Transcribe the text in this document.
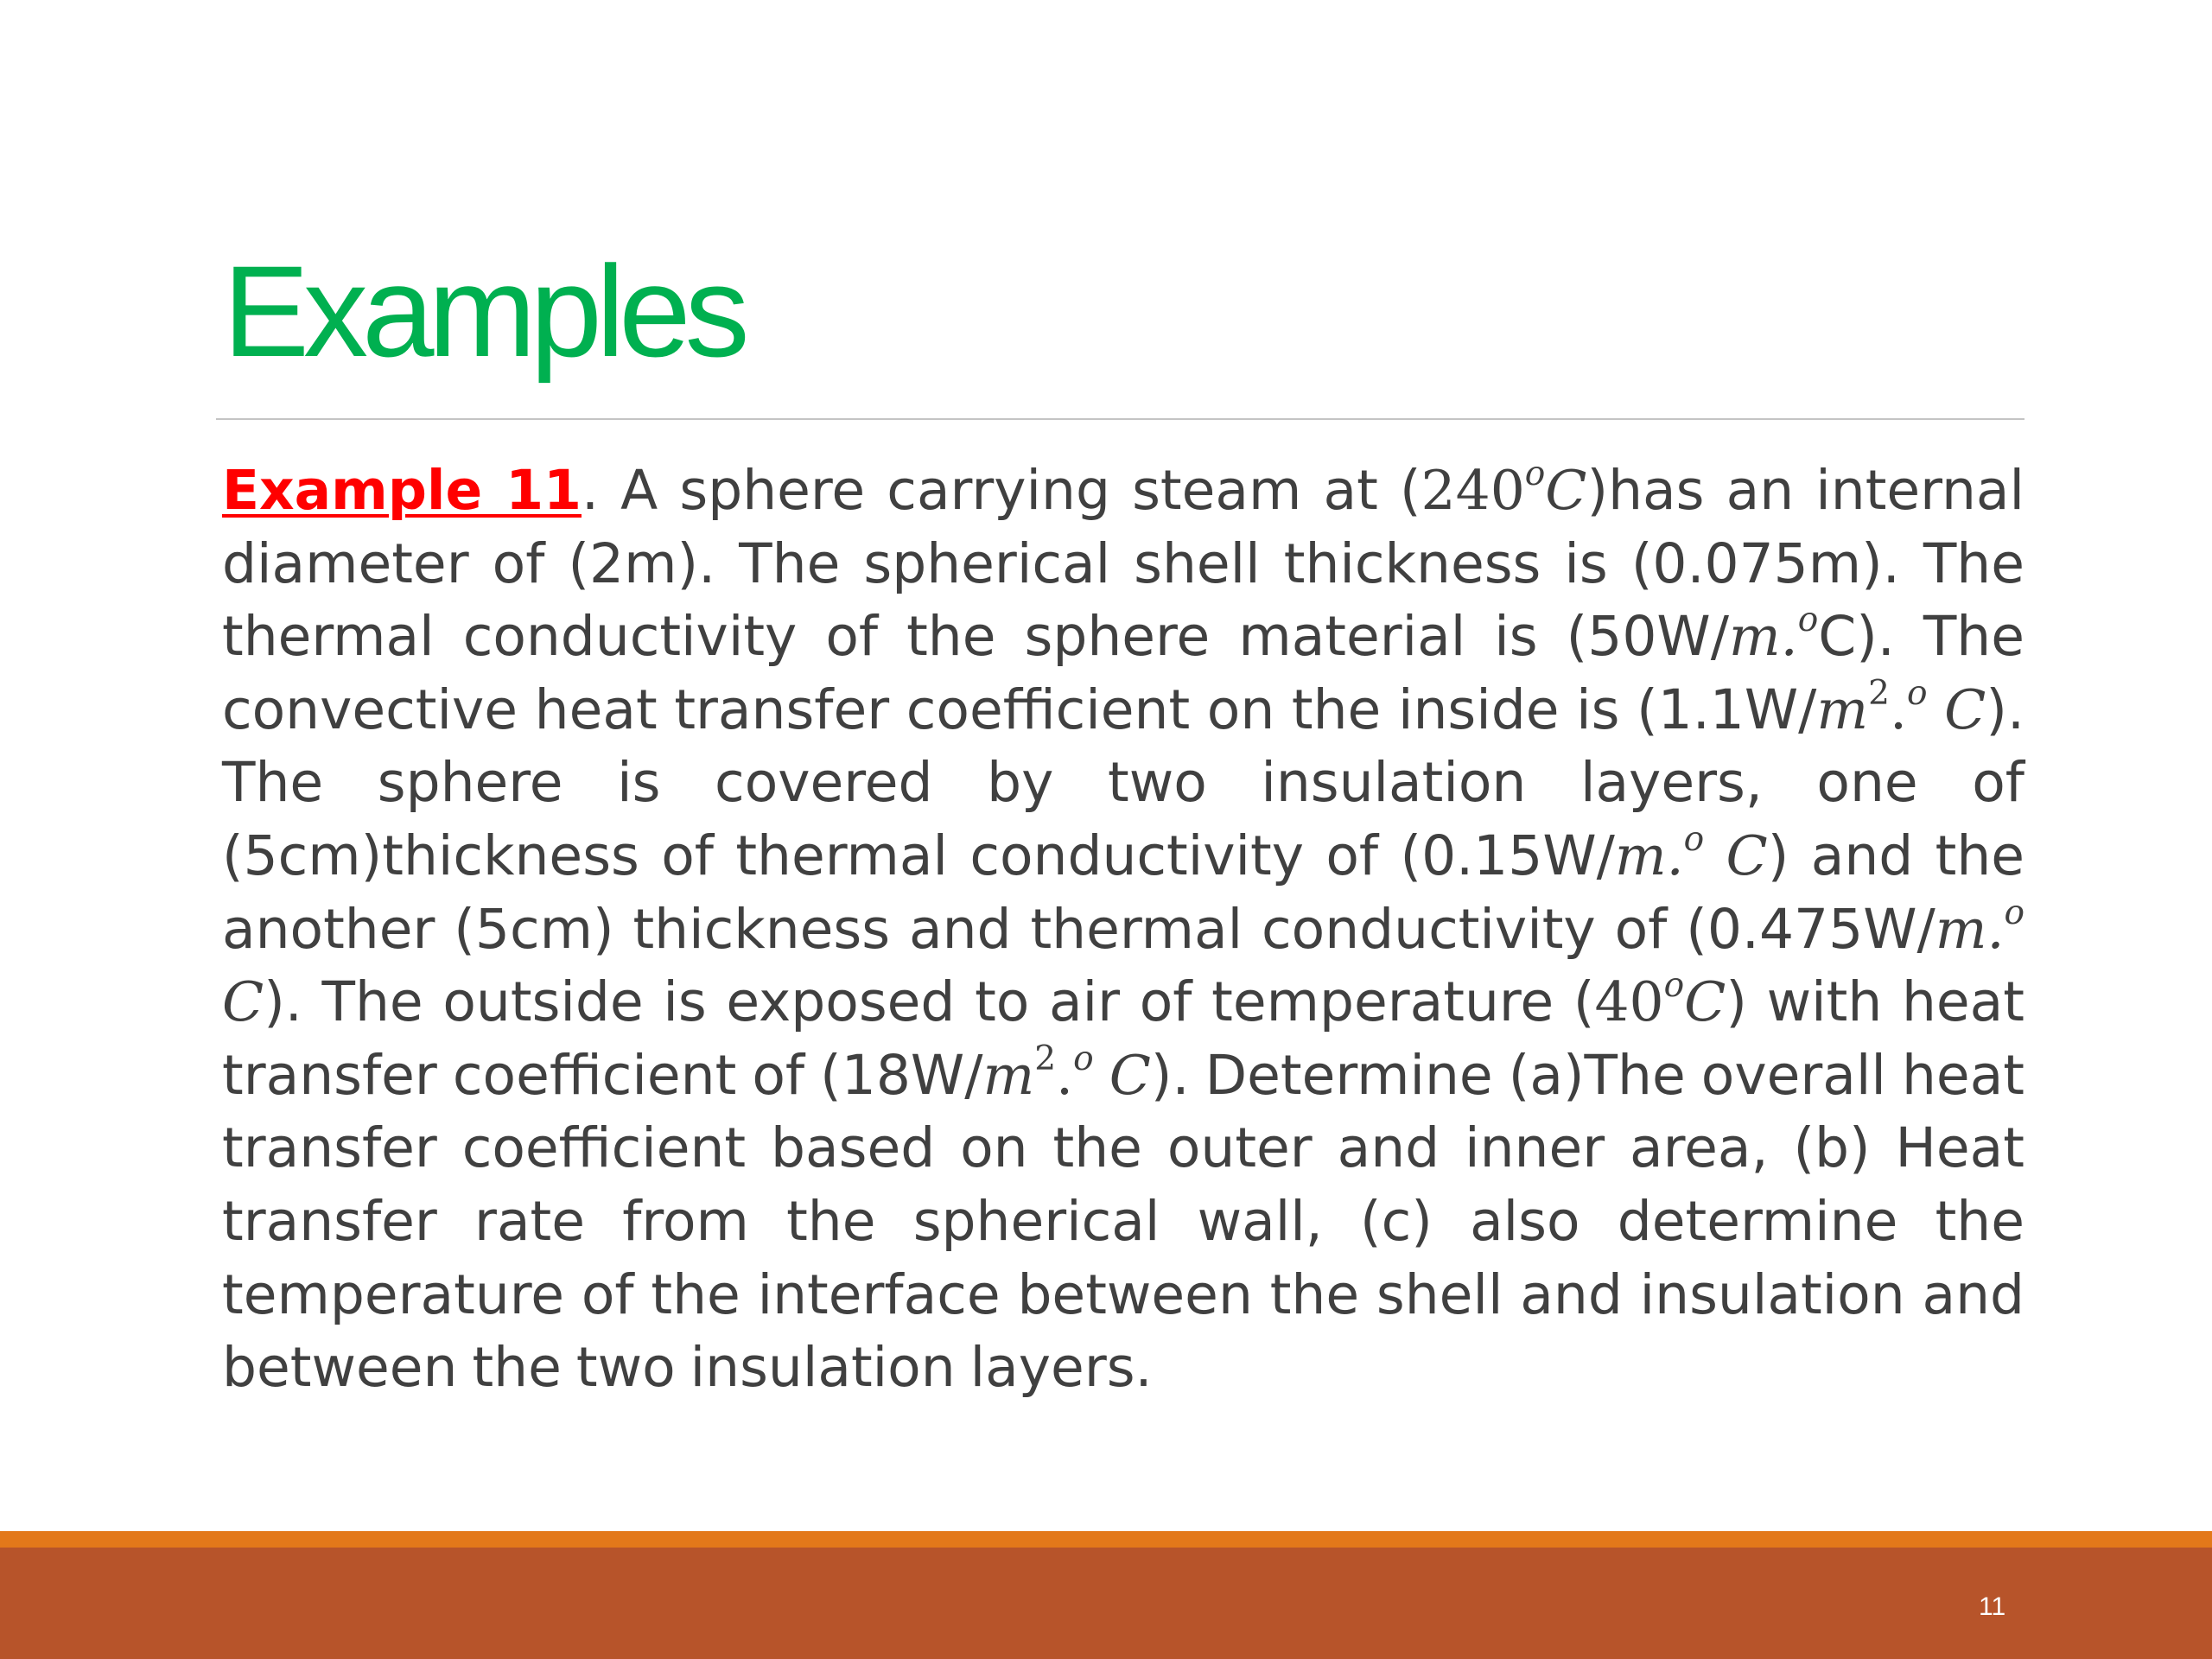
Examples

Example 11. A sphere carrying steam at (240$^o$C)has an internal diameter of (2m). The spherical shell thickness is (0.075m). The thermal conductivity of the sphere material is (50W/m.$^o$C). The convective heat transfer coefficient on the inside is ($1.1W/m^2.^o$ C). The sphere is covered by two insulation layers, one of (5cm)thickness of thermal conductivity of (0.15W/m.$^o$ C) and the another (5cm) thickness and thermal conductivity of (0.475W/m.$^o$ C). The outside is exposed to air of temperature (40$^o$C) with heat transfer coefficient of ($18W/m^2.^o$ C). Determine (a)The overall heat transfer coefficient based on the outer and inner area, (b) Heat transfer rate from the spherical wall, (c) also determine the temperature of the interface between the shell and insulation and between the two insulation layers.

11
